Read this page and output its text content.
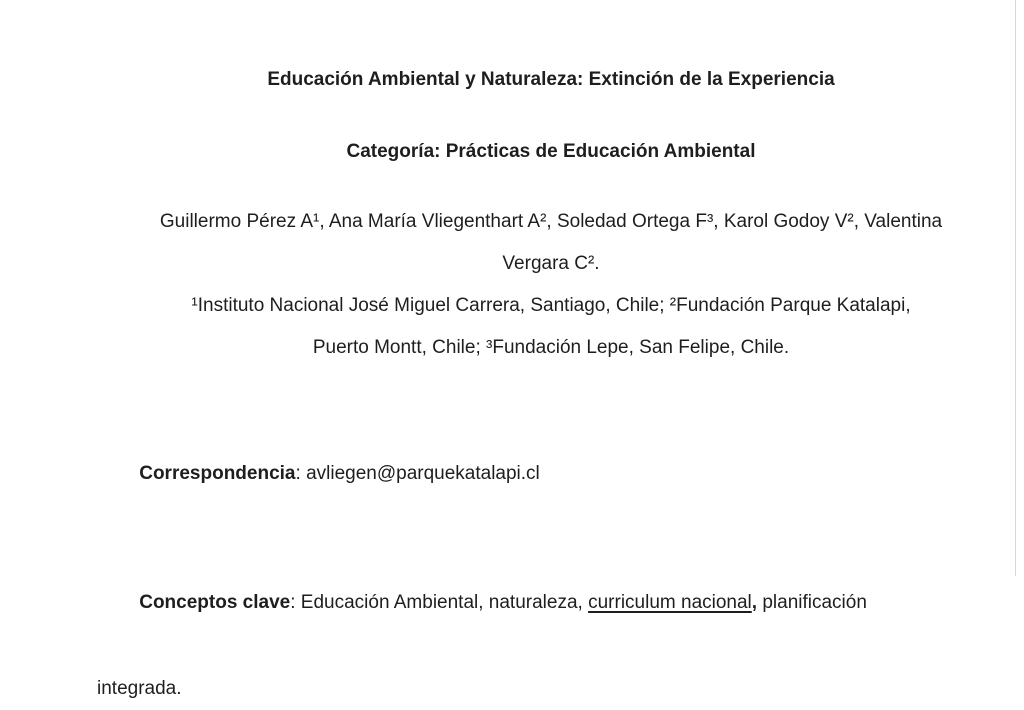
Educación Ambiental y Naturaleza: Extinción de la Experiencia
Categoría: Prácticas de Educación Ambiental
Guillermo Pérez A¹, Ana María Vliegenthart A², Soledad Ortega F³, Karol Godoy V², Valentina
Vergara C².
¹Instituto Nacional José Miguel Carrera, Santiago, Chile; ²Fundación Parque Katalapi,
Puerto Montt, Chile; ³Fundación Lepe, San Felipe, Chile.

Correspondencia: avliegen@parquekatalapi.cl

Conceptos clave: Educación Ambiental, naturaleza, curriculum nacional, planificación

integrada.
